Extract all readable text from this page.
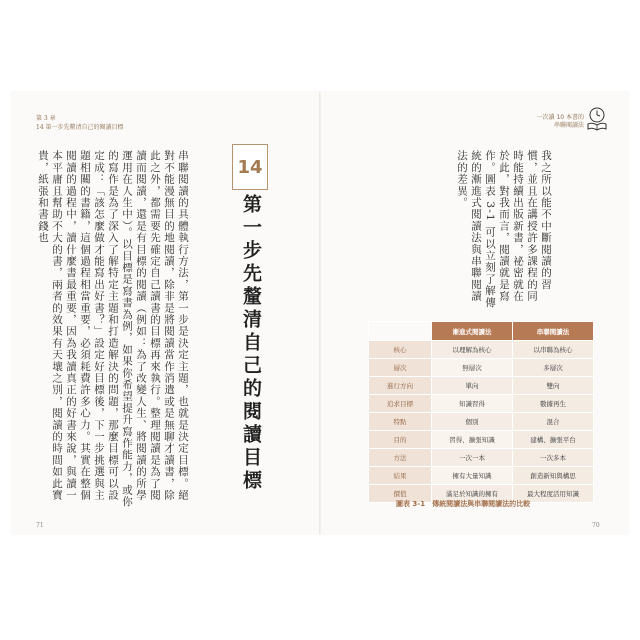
第 3 章
14 第一步先釐清自己的閱讀目標
串聯閱讀的具體執行方法，第一步是決定主題，也就是決定目標。絕對不能漫無目的地閱讀，除非是將閱讀當作消遣或是無聊才讀書，除此之外，都需要先確定自己讀書的目標再來執行。整理閱讀是為了閱讀而閱讀，還是有目標的閱讀（例如：為了改變人生、將閱讀的所學運用在人生中）。以目標是寫書為例，如果你希望提升寫作能力，或你的寫作是為了深入了解特定主題和打造解決的問題，那麼目標可以設定成：「該怎麼做才能寫出好書？」設定好目標後，下一步挑選與主題相關的書籍，這個過程相當重要，必須耗費許多心力。其實在整個閱讀的過程中，讀什麼書最重要，因為我讀真正的好書來說，與讀一本平庸且幫助不大的書，兩者的效果有天壤之別，閱讀的時間如此寶貴，紙張和書錢也	14
第一步先釐清自己的閱讀目標
71
一次讀 10 本書的
串聯閱讀法
我之所以能不中斷閱讀的習慣，並且在講授許多課程的同時能持續出版新書，祕密就在於此，對我而言，閱讀就是寫作。圖表 3-1 可以立刻了解傳統的漸進式閱讀法與串聯閱讀法的差異。
	漸進式閱讀法	串聯閱讀法
核心	以理解為核心	以串聯為核心
層次	無層次	多層次
進行方向	單向	雙向
追求目標	知識習得	數據再生
特點	個別	混合
目的	習得、擴張知識	建構、擴張平台
方法	一次一本	一次多本
結果	擁有大量知識	創造新知與構思
價值	滿足於知識的擁有	最大程度活用知識
圖表 3-1　傳統閱讀法與串聯閱讀法的比較
70
